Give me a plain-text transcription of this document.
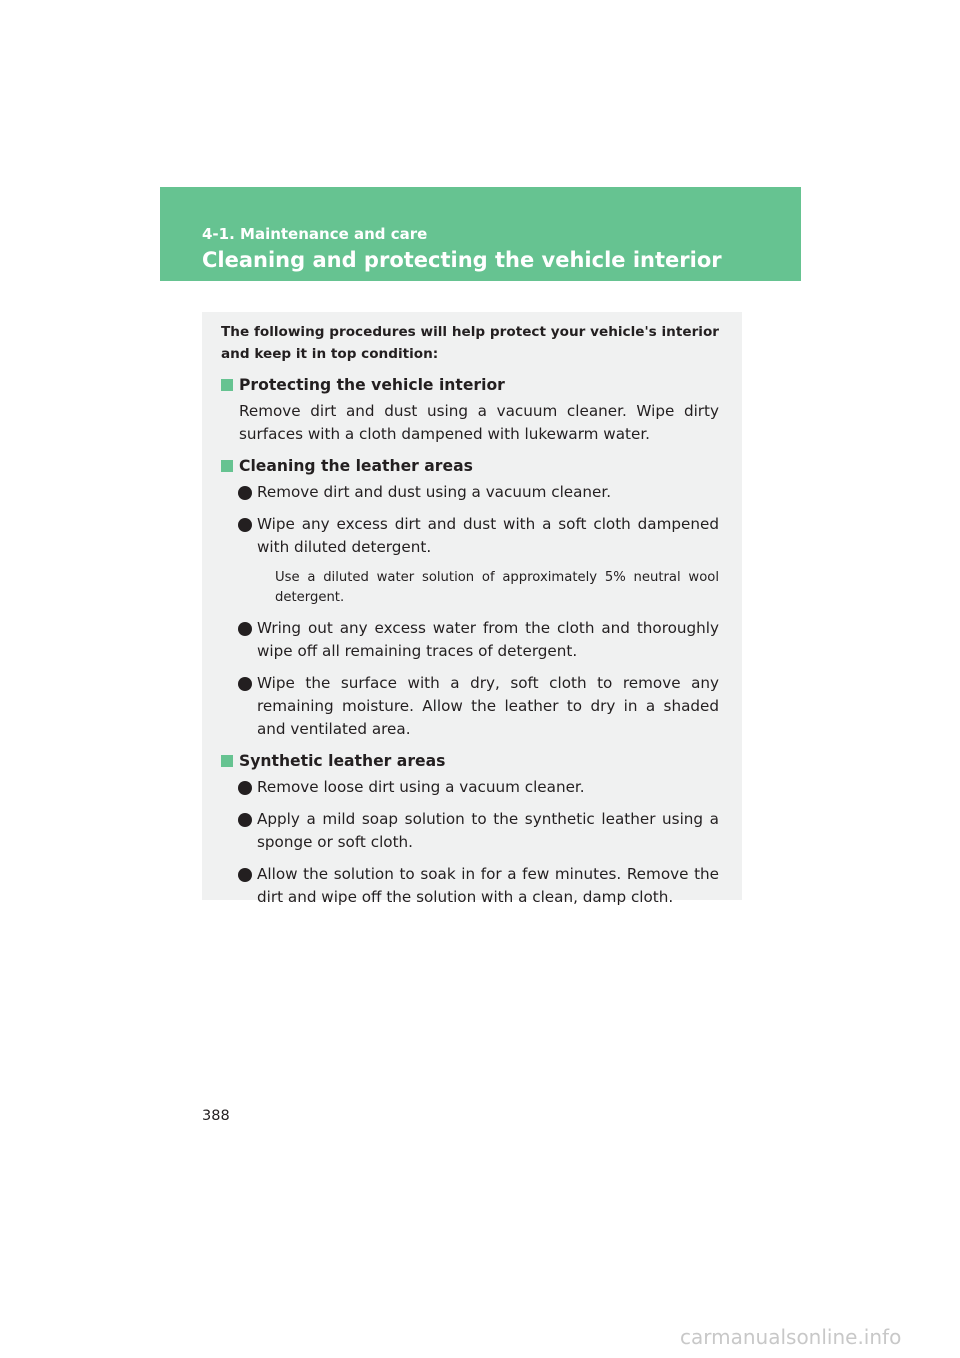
4-1. Maintenance and care
Cleaning and protecting the vehicle interior

The following procedures will help protect your vehicle's interior and keep it in top condition:

Protecting the vehicle interior
Remove dirt and dust using a vacuum cleaner. Wipe dirty surfaces with a cloth dampened with lukewarm water.
Cleaning the leather areas
Remove dirt and dust using a vacuum cleaner.
Wipe any excess dirt and dust with a soft cloth dampened with diluted detergent.
Use a diluted water solution of approximately 5% neutral wool detergent.
Wring out any excess water from the cloth and thoroughly wipe off all remaining traces of detergent.
Wipe the surface with a dry, soft cloth to remove any remaining moisture. Allow the leather to dry in a shaded and ventilated area.
Synthetic leather areas
Remove loose dirt using a vacuum cleaner.
Apply a mild soap solution to the synthetic leather using a sponge or soft cloth.
Allow the solution to soak in for a few minutes. Remove the dirt and wipe off the solution with a clean, damp cloth.
388
carmanualsonline.info
